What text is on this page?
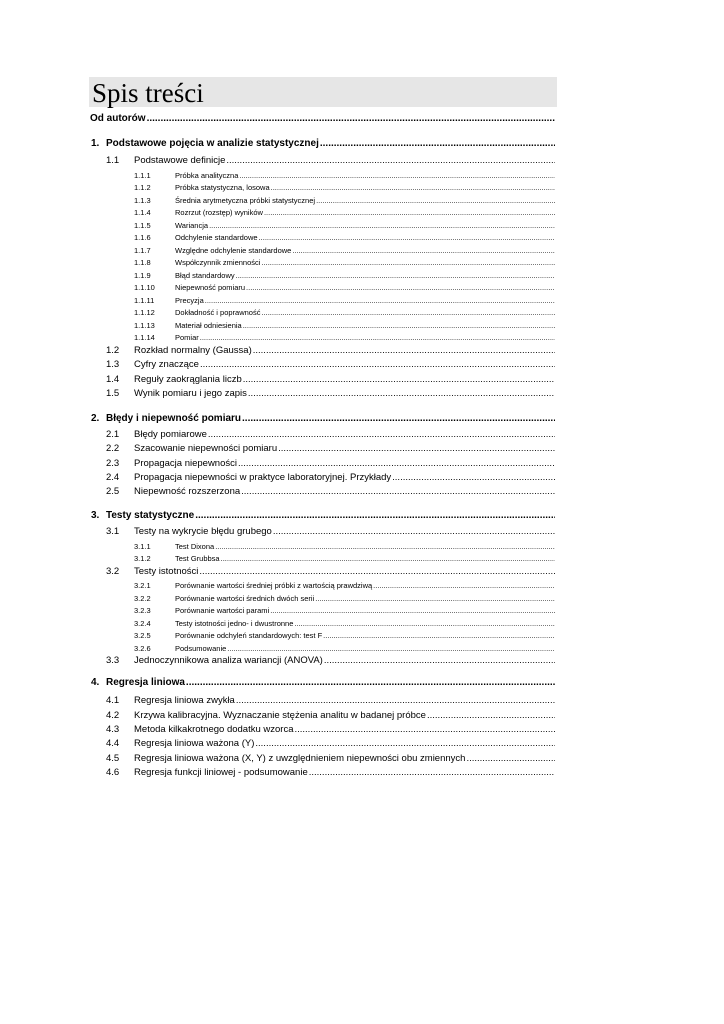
Spis treści
Od autorów
.....
1. Podstawowe pojęcia w analizie statystycznej
.....
1.1 Podstawowe definicje
.....
1.1.1	Próbka analityczna
.....
1.1.2	Próbka statystyczna, losowa
.....
1.1.3	Średnia arytmetyczna próbki statystycznej
.....
1.1.4	Rozrzut (rozstęp) wyników
.....
1.1.5	Wariancja
.....
1.1.6	Odchylenie standardowe
.....
1.1.7	Względne odchylenie standardowe
.....
1.1.8	Współczynnik zmienności
.....
1.1.9	Błąd standardowy
.....
1.1.10	Niepewność pomiaru
.....
1.1.11	Precyzja
.....
1.1.12	Dokładność i poprawność
.....
1.1.13	Materiał odniesienia
.....
1.1.14	Pomiar
.....
1.2 Rozkład normalny (Gaussa)
.....
1.3 Cyfry znaczące
.....
1.4 Reguły zaokrąglania liczb
.....
1.5 Wynik pomiaru i jego zapis
.....
2. Błędy i niepewność pomiaru
.....
2.1 Błędy pomiarowe
.....
2.2 Szacowanie niepewności pomiaru
.....
2.3 Propagacja niepewności
.....
2.4 Propagacja niepewności w praktyce laboratoryjnej. Przykłady
.....
2.5 Niepewność rozszerzona
.....
3. Testy statystyczne
.....
3.1 Testy na wykrycie błędu grubego
.....
3.1.1	Test Dixona
.....
3.1.2	Test Grubbsa
.....
3.2 Testy istotności
.....
3.2.1	Porównanie wartości średniej próbki z wartością prawdziwą
.....
3.2.2	Porównanie wartości średnich dwóch serii
.....
3.2.3	Porównanie wartości parami
.....
3.2.4	Testy istotności jedno- i dwustronne
.....
3.2.5	Porównanie odchyleń standardowych: test F
.....
3.2.6	Podsumowanie
.....
3.3 Jednoczynnikowa analiza wariancji (ANOVA)
.....
4. Regresja liniowa
.....
4.1 Regresja liniowa zwykła
.....
4.2 Krzywa kalibracyjna. Wyznaczanie stężenia analitu w badanej próbce
.....
4.3 Metoda kilkakrotnego dodatku wzorca
.....
4.4 Regresja liniowa ważona (Y)
.....
4.5 Regresja liniowa ważona (X, Y) z uwzględnieniem niepewności obu zmiennych
.....
4.6 Regresja funkcji liniowej - podsumowanie
.....
